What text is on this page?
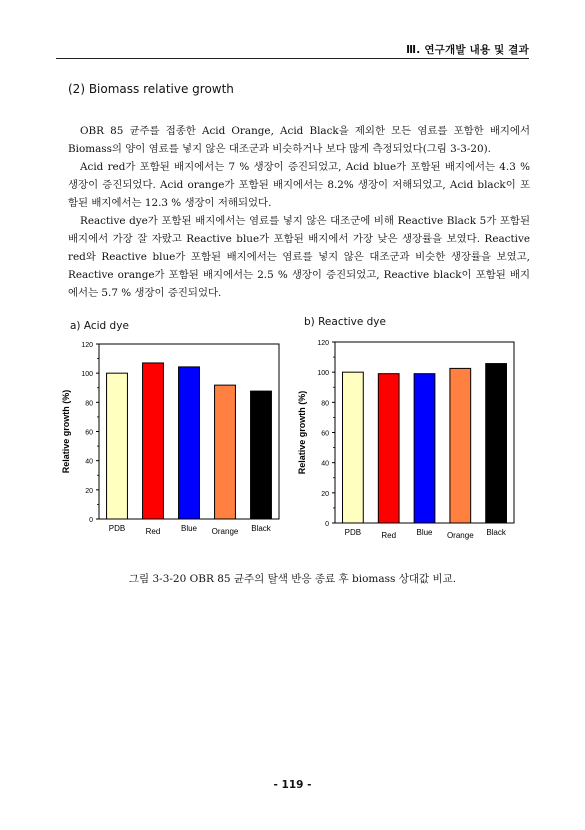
Ⅲ. 연구개발 내용 및 결과
(2) Biomass relative growth

OBR 85 균주를 접종한 Acid Orange, Acid Black을 제외한 모든 염료를 포함한 배지에서 Biomass의 양이 염료를 넣지 않은 대조군과 비슷하거나 보다 많게 측정되었다(그림 3-3-20).

Acid red가 포함된 배지에서는 7 % 생장이 증진되었고, Acid blue가 포함된 배지에서는 4.3 % 생장이 증진되었다. Acid orange가 포함된 배지에서는 8.2% 생장이 저해되었고, Acid black이 포함된 배지에서는 12.3 % 생장이 저해되었다.

Reactive dye가 포함된 배지에서는 염료를 넣지 않은 대조군에 비해 Reactive Black 5가 포함된 배지에서 가장 잘 자랐고 Reactive blue가 포함된 배지에서 가장 낮은 생장률을 보였다. Reactive red와 Reactive blue가 포함된 배지에서는 염료를 넣지 않은 대조군과 비슷한 생장률을 보였고, Reactive orange가 포함된 배지에서는 2.5 % 생장이 증진되었고, Reactive black이 포함된 배지에서는 5.7 % 생장이 증진되었다.

a) Acid dye	b) Reactive dye
0
20
40
60
80
100
120
Relative growth (%)
PDB	Red	Blue Orange Black	0
20
40
60
80
100
120
Relative growth (%)
PDB	Red	Blue Orange Black
그림 3-3-20 OBR 85 균주의 탈색 반응 종료 후 biomass 상대값 비교.
- 119 -
